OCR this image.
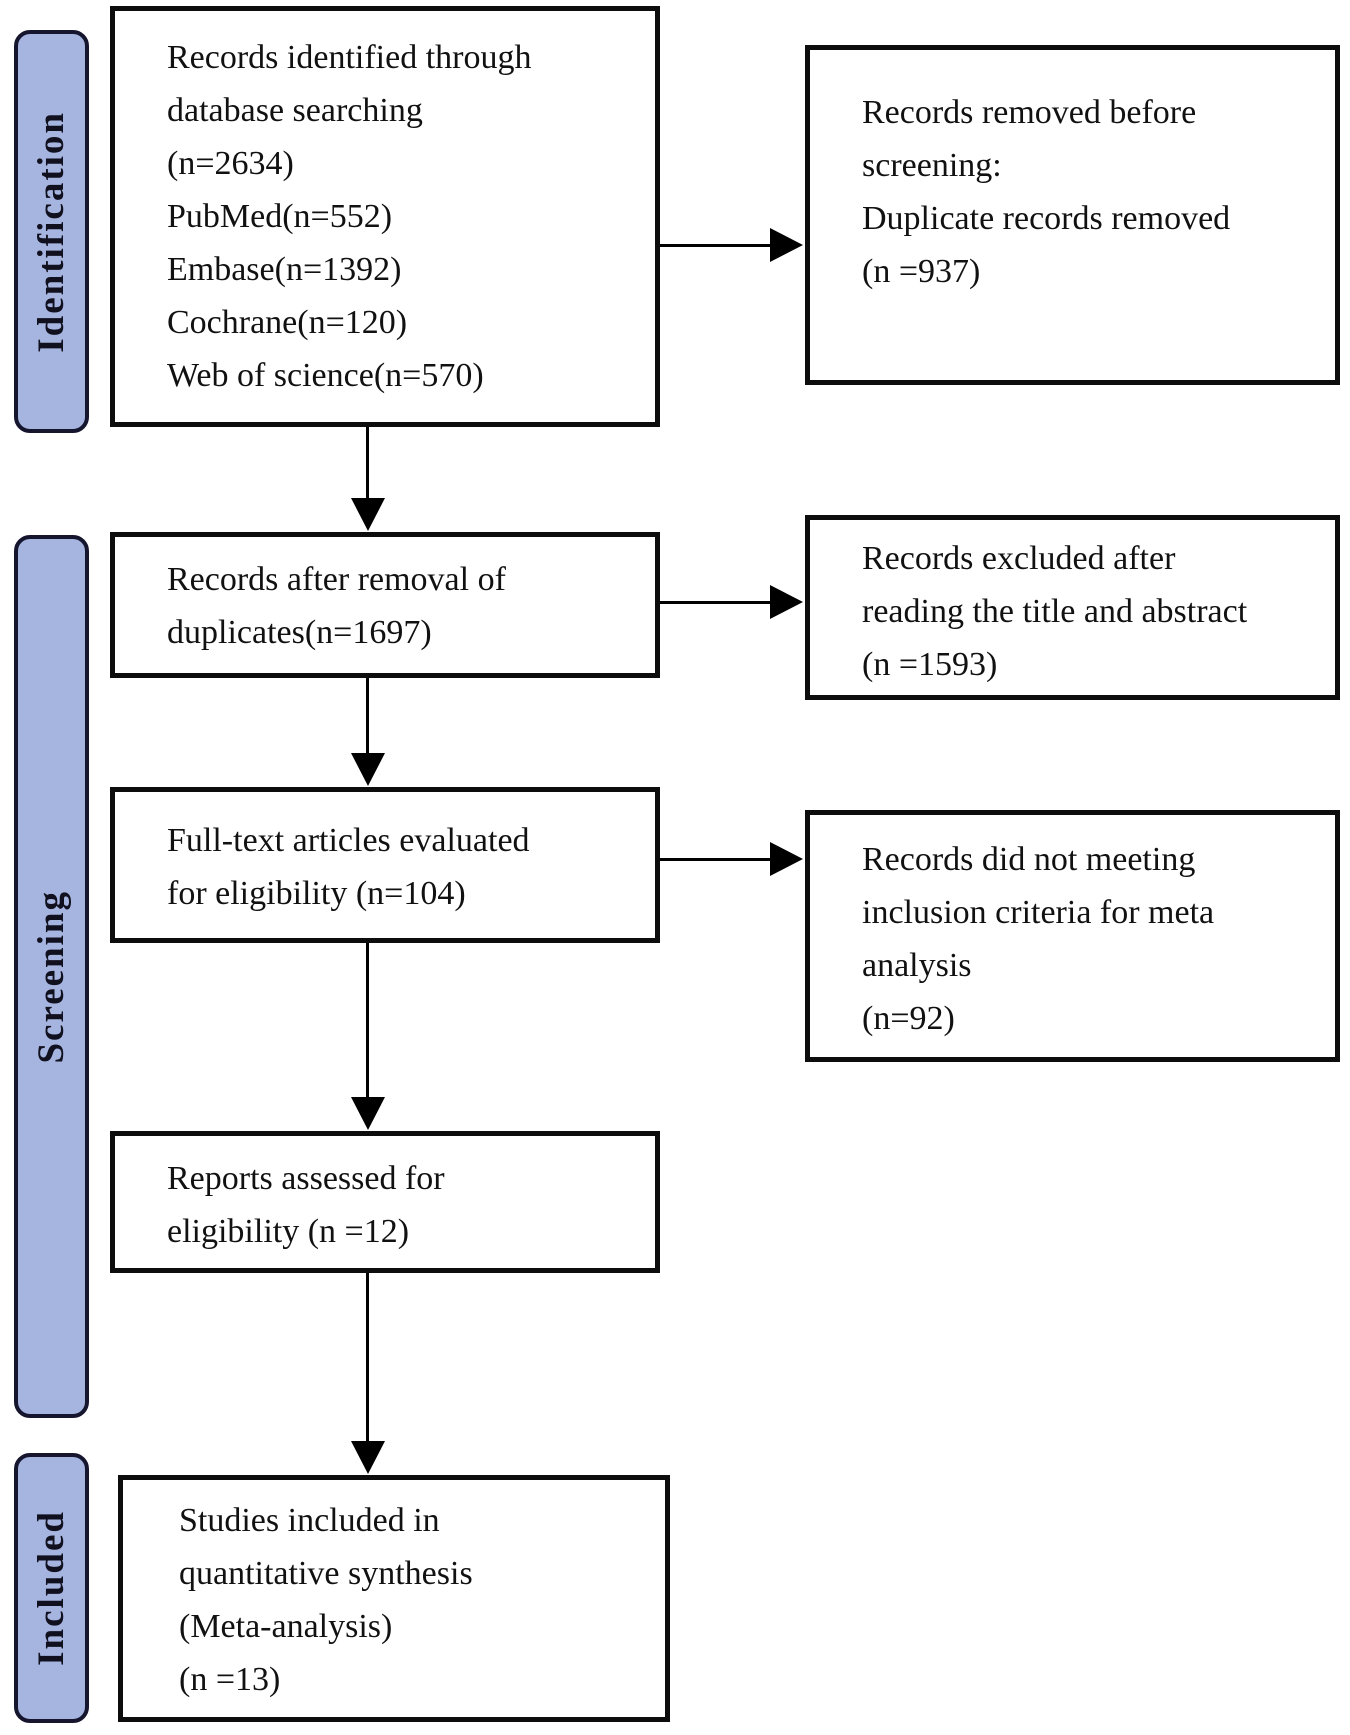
Identification
Screening
Included
Records identified through
database searching
(n=2634)
PubMed(n=552)
Embase(n=1392)
Cochrane(n=120)
Web of science(n=570)
Records after removal of
duplicates(n=1697)
Full-text articles evaluated
for eligibility (n=104)
Reports assessed for
eligibility (n =12)
Studies included in
quantitative synthesis
(Meta-analysis)
(n =13)
Records removed before
screening:
Duplicate records removed
(n =937)
Records excluded after
reading the title and abstract
(n =1593)
Records did not meeting
inclusion criteria for meta
analysis
(n=92)
